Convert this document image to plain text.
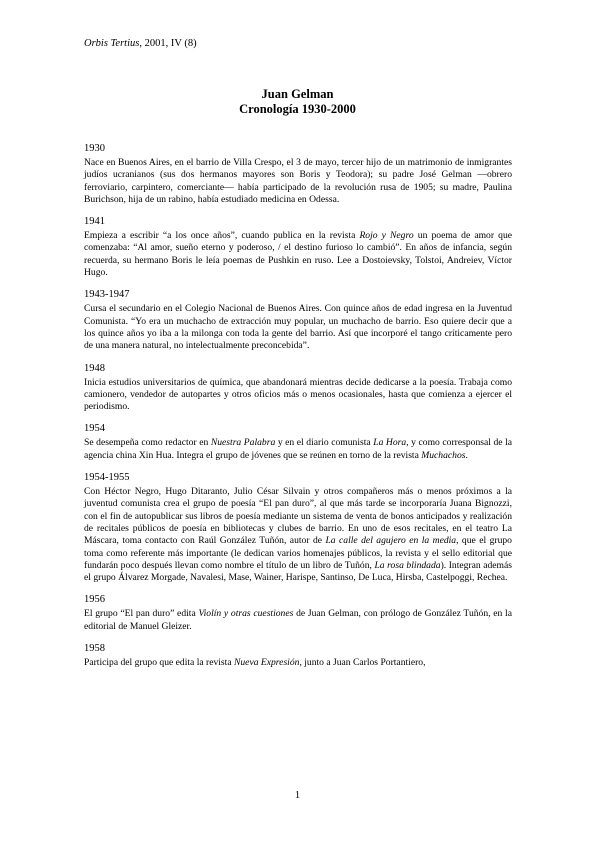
Orbis Tertius, 2001, IV (8)
Juan Gelman
Cronología 1930-2000
1930
Nace en Buenos Aires, en el barrio de Villa Crespo, el 3 de mayo, tercer hijo de un matrimonio de inmigrantes judíos ucranianos (sus dos hermanos mayores son Boris y Teodora); su padre José Gelman —obrero ferroviario, carpintero, comerciante— había participado de la revolución rusa de 1905; su madre, Paulina Burichson, hija de un rabino, había estudiado medicina en Odessa.
1941
Empieza a escribir “a los once años”, cuando publica en la revista Rojo y Negro un poema de amor que comenzaba: “Al amor, sueño eterno y poderoso, / el destino furioso lo cambió”. En años de infancia, según recuerda, su hermano Boris le leía poemas de Pushkin en ruso. Lee a Dostoievsky, Tolstoi, Andreiev, Víctor Hugo.
1943-1947
Cursa el secundario en el Colegio Nacional de Buenos Aires. Con quince años de edad ingresa en la Juventud Comunista. “Yo era un muchacho de extracción muy popular, un muchacho de barrio. Eso quiere decir que a los quince años yo iba a la milonga con toda la gente del barrio. Así que incorporé el tango críticamente pero de una manera natural, no intelectualmente preconcebida”.
1948
Inicia estudios universitarios de química, que abandonará mientras decide dedicarse a la poesía. Trabaja como camionero, vendedor de autopartes y otros oficios más o menos ocasionales, hasta que comienza a ejercer el periodismo.
1954
Se desempeña como redactor en Nuestra Palabra y en el diario comunista La Hora, y como corresponsal de la agencia china Xin Hua. Integra el grupo de jóvenes que se reúnen en torno de la revista Muchachos.
1954-1955
Con Héctor Negro, Hugo Ditaranto, Julio César Silvain y otros compañeros más o menos próximos a la juventud comunista crea el grupo de poesía “El pan duro”, al que más tarde se incorporaría Juana Bignozzi, con el fin de autopublicar sus libros de poesía mediante un sistema de venta de bonos anticipados y realización de recitales públicos de poesía en bibliotecas y clubes de barrio. En uno de esos recitales, en el teatro La Máscara, toma contacto con Raúl González Tuñón, autor de La calle del agujero en la media, que el grupo toma como referente más importante (le dedican varios homenajes públicos, la revista y el sello editorial que fundarán poco después llevan como nombre el título de un libro de Tuñón, La rosa blindada). Integran además el grupo Álvarez Morgade, Navalesi, Mase, Wainer, Harispe, Santinso, De Luca, Hirsba, Castelpoggi, Rechea.
1956
El grupo “El pan duro” edita Violín y otras cuestiones de Juan Gelman, con prólogo de González Tuñón, en la editorial de Manuel Gleizer.
1958
Participa del grupo que edita la revista Nueva Expresión, junto a Juan Carlos Portantiero,
1
